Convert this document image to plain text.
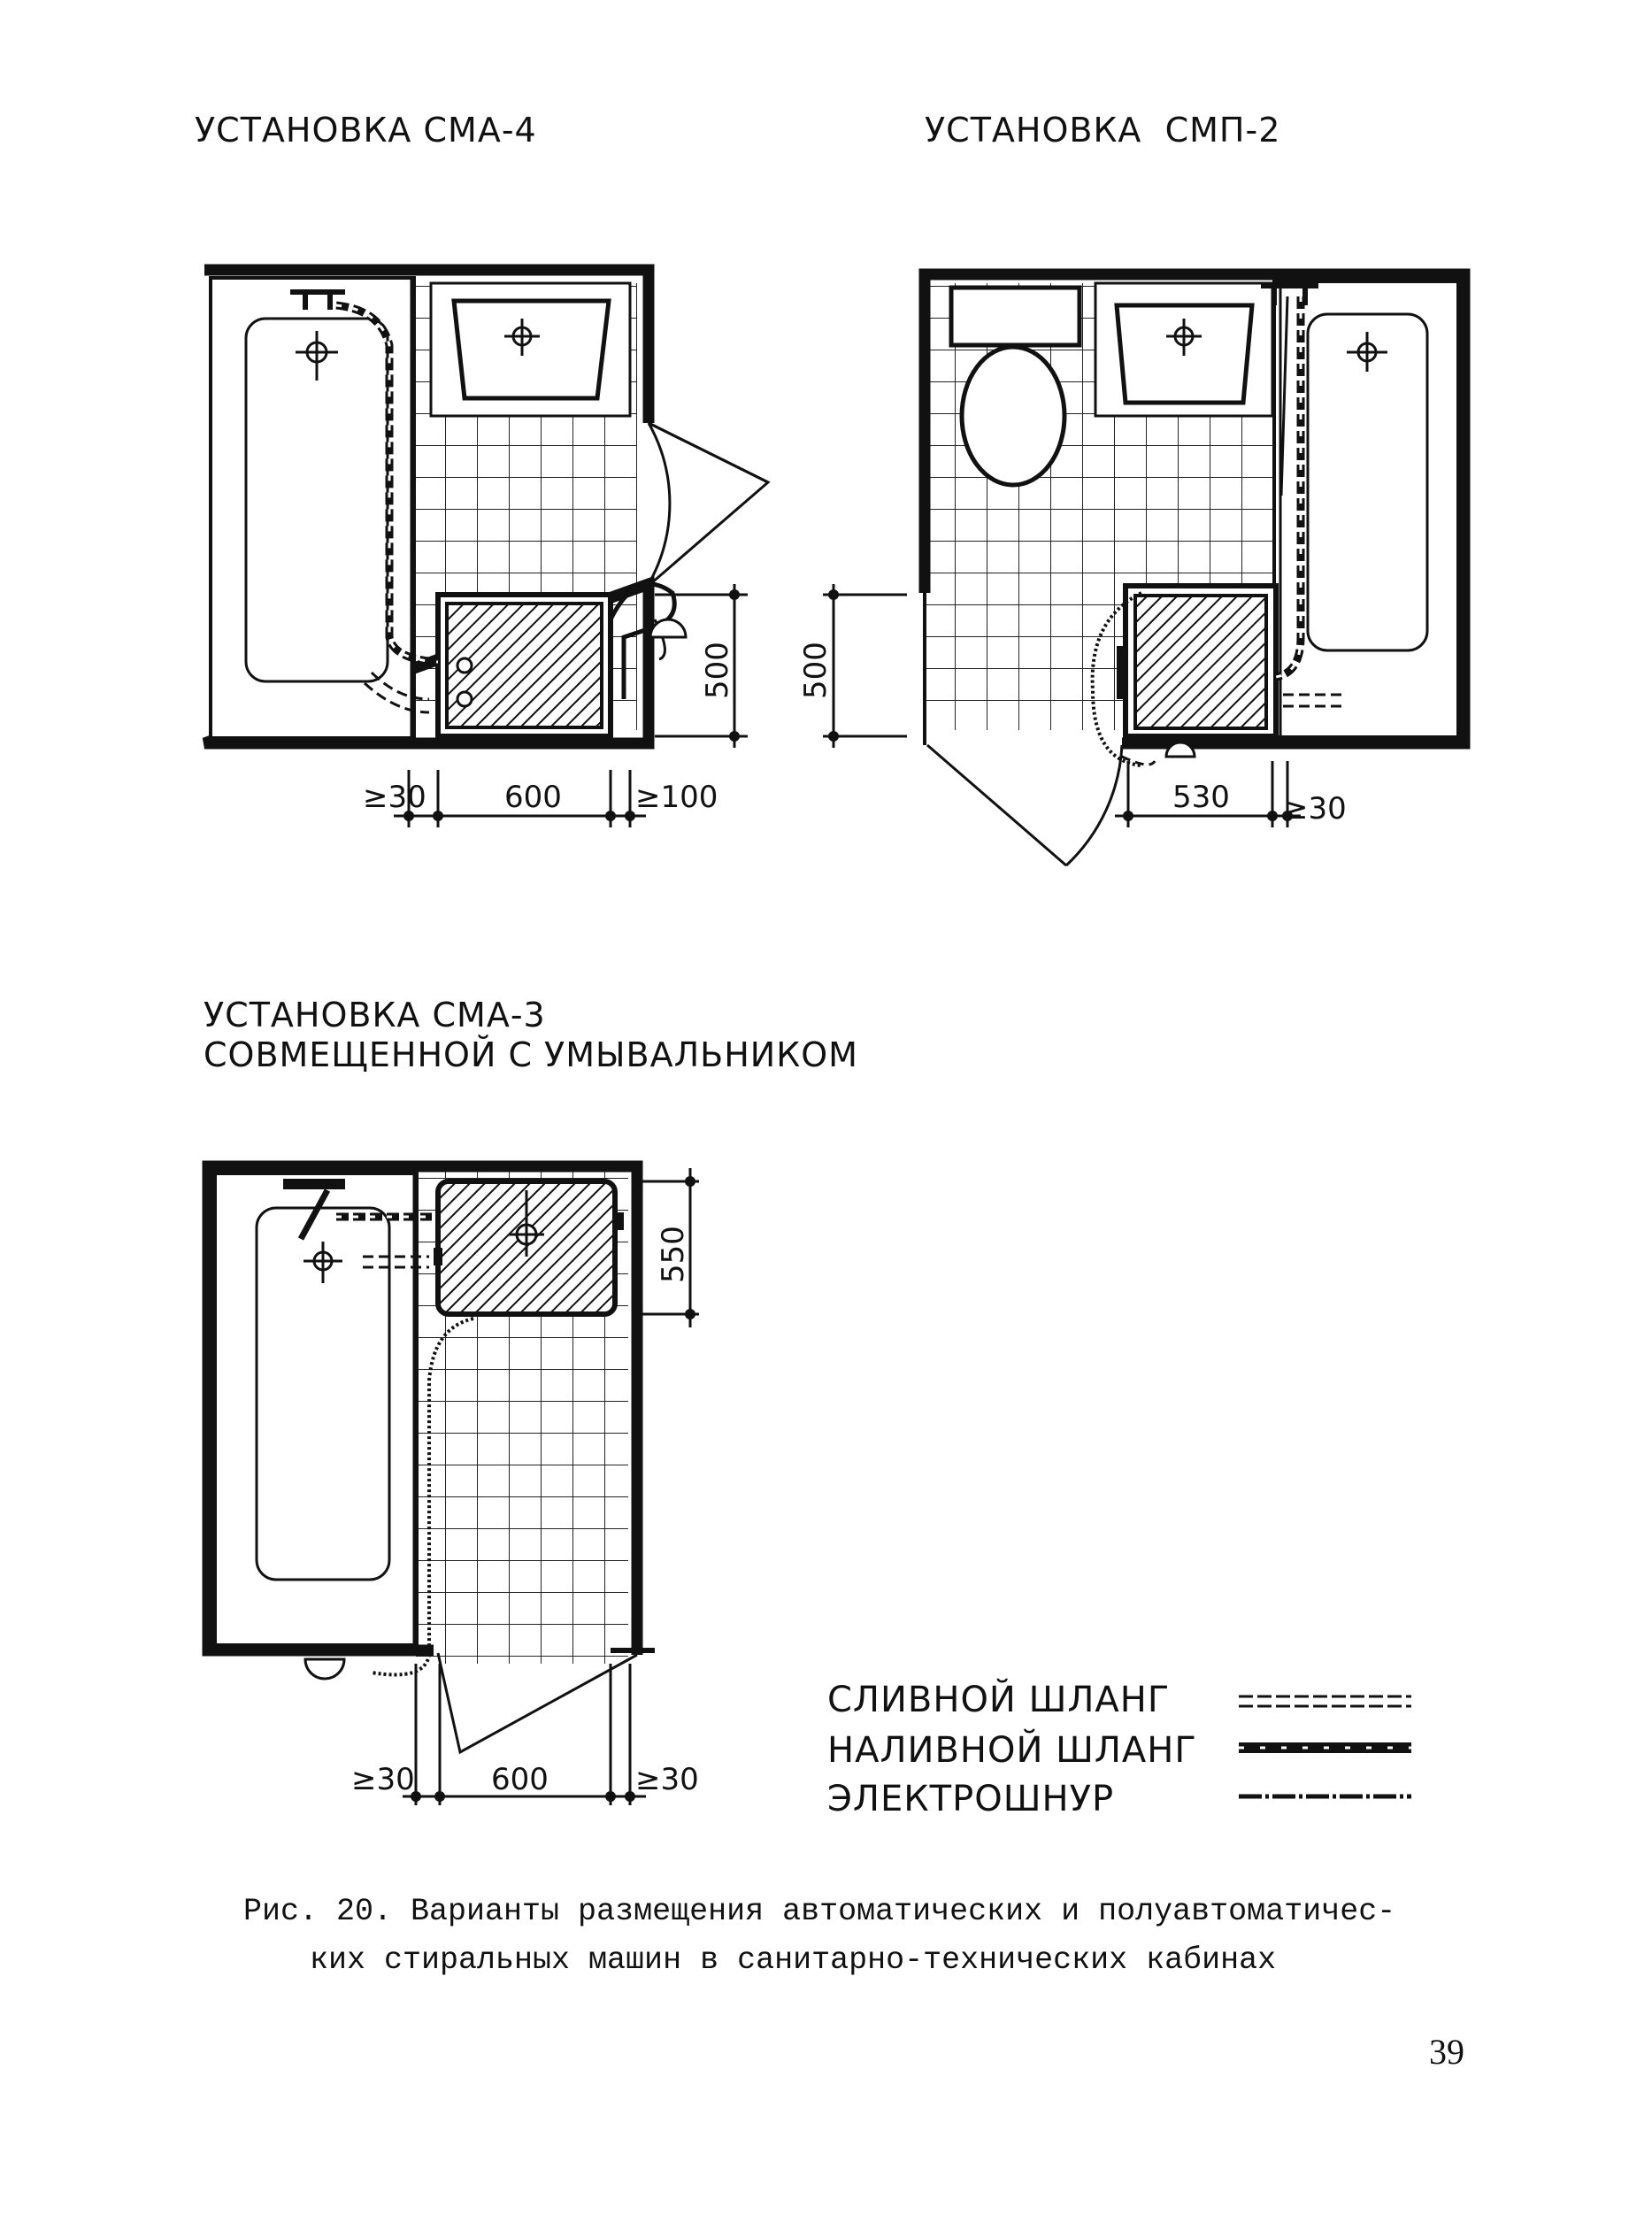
УСТАНОВКА СМА-4	УСТАНОВКА  СМП-2
УСТАНОВКА СМА-3
СОВМЕЩЕННОЙ С УМЫВАЛЬНИКОМ
≥30	600 ≥100
500 500
530 ≥30
550
≥30	600	≥30
СЛИВНОЙ ШЛАНГ
НАЛИВНОЙ ШЛАНГ
ЭЛЕКТРОШНУР
Рис. 20. Варианты размещения автоматических и полуавтоматичес-
ких стиральных машин в санитарно-технических кабинах
39
